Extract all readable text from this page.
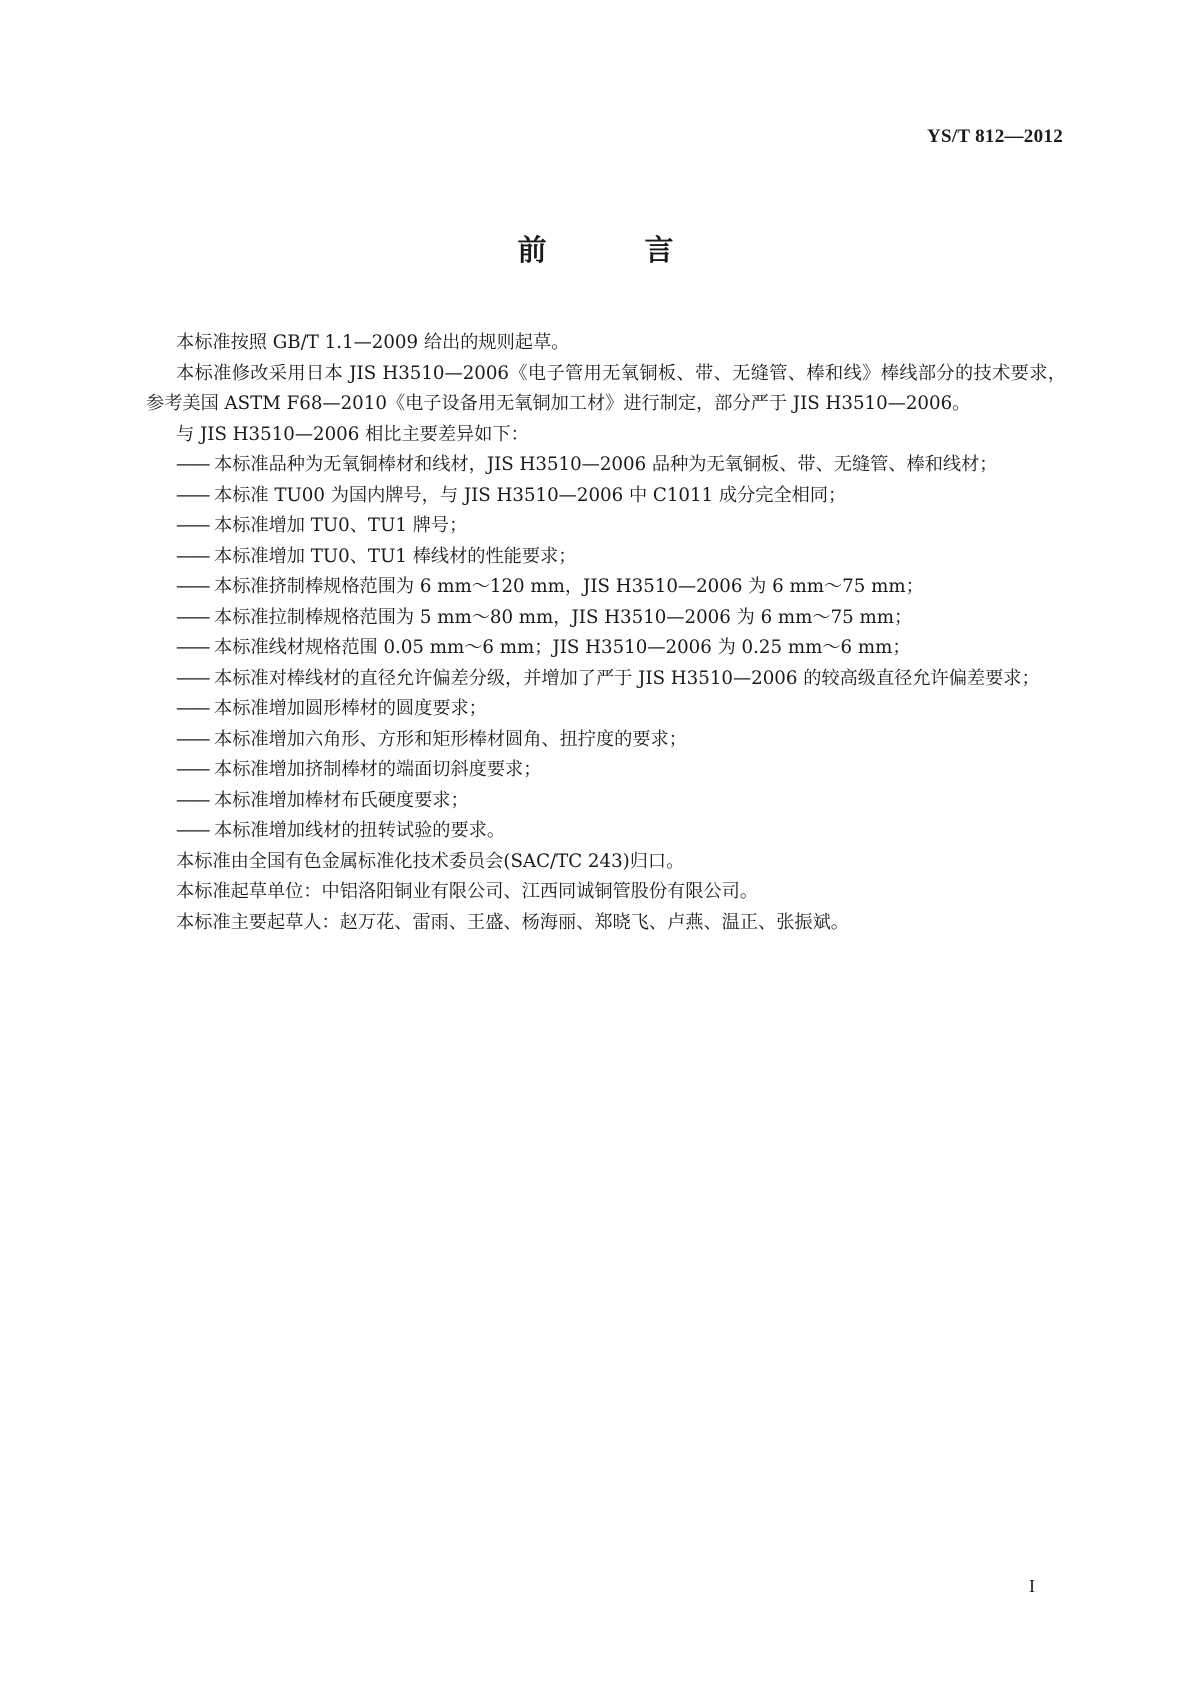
YS/T 812—2012
前 言

本标准按照 GB/T 1.1—2009 给出的规则起草。

本标准修改采用日本 JIS H3510—2006《电子管用无氧铜板、带、无缝管、棒和线》棒线部分的技术要求，参考美国 ASTM F68—2010《电子设备用无氧铜加工材》进行制定，部分严于 JIS H3510—2006。

与 JIS H3510—2006 相比主要差异如下：

—— 本标准品种为无氧铜棒材和线材，JIS H3510—2006 品种为无氧铜板、带、无缝管、棒和线材；

—— 本标准 TU00 为国内牌号，与 JIS H3510—2006 中 C1011 成分完全相同；

—— 本标准增加 TU0、TU1 牌号；

—— 本标准增加 TU0、TU1 棒线材的性能要求；

—— 本标准挤制棒规格范围为 6 mm～120 mm，JIS H3510—2006 为 6 mm～75 mm；

—— 本标准拉制棒规格范围为 5 mm～80 mm，JIS H3510—2006 为 6 mm～75 mm；

—— 本标准线材规格范围 0.05 mm～6 mm；JIS H3510—2006 为 0.25 mm～6 mm；

—— 本标准对棒线材的直径允许偏差分级，并增加了严于 JIS H3510—2006 的较高级直径允许偏差要求；

—— 本标准增加圆形棒材的圆度要求；

—— 本标准增加六角形、方形和矩形棒材圆角、扭拧度的要求；

—— 本标准增加挤制棒材的端面切斜度要求；

—— 本标准增加棒材布氏硬度要求；

—— 本标准增加线材的扭转试验的要求。

本标准由全国有色金属标准化技术委员会(SAC/TC 243)归口。

本标准起草单位：中铝洛阳铜业有限公司、江西同诚铜管股份有限公司。

本标准主要起草人：赵万花、雷雨、王盛、杨海丽、郑晓飞、卢燕、温正、张振斌。

I
